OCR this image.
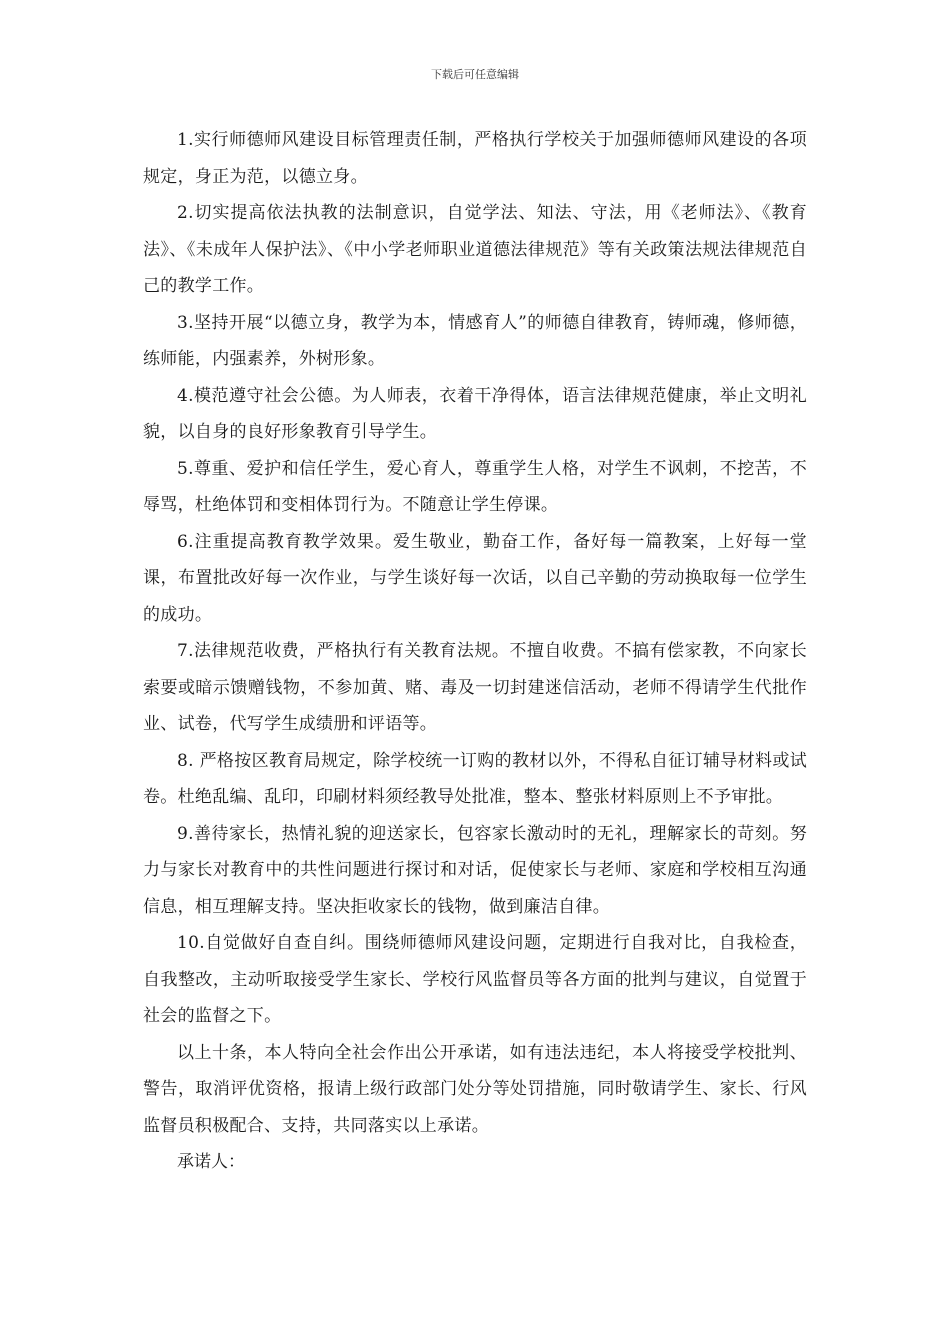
下载后可任意编辑

1.实行师德师风建设目标管理责任制，严格执行学校关于加强师德师风建设的各项规定，身正为范，以德立身。

2.切实提高依法执教的法制意识，自觉学法、知法、守法，用《老师法》、《教育法》、《未成年人保护法》、《中小学老师职业道德法律规范》等有关政策法规法律规范自己的教学工作。

3.坚持开展“以德立身，教学为本，情感育人”的师德自律教育，铸师魂，修师德，练师能，内强素养，外树形象。

4.模范遵守社会公德。为人师表，衣着干净得体，语言法律规范健康，举止文明礼貌，以自身的良好形象教育引导学生。

5.尊重、爱护和信任学生，爱心育人，尊重学生人格，对学生不讽刺，不挖苦，不辱骂，杜绝体罚和变相体罚行为。不随意让学生停课。

6.注重提高教育教学效果。爱生敬业，勤奋工作，备好每一篇教案，上好每一堂课，布置批改好每一次作业，与学生谈好每一次话，以自己辛勤的劳动换取每一位学生的成功。

7.法律规范收费，严格执行有关教育法规。不擅自收费。不搞有偿家教，不向家长索要或暗示馈赠钱物，不参加黄、赌、毒及一切封建迷信活动，老师不得请学生代批作业、试卷，代写学生成绩册和评语等。

8. 严格按区教育局规定，除学校统一订购的教材以外，不得私自征订辅导材料或试卷。杜绝乱编、乱印，印刷材料须经教导处批准，整本、整张材料原则上不予审批。

9.善待家长，热情礼貌的迎送家长，包容家长激动时的无礼，理解家长的苛刻。努力与家长对教育中的共性问题进行探讨和对话，促使家长与老师、家庭和学校相互沟通信息，相互理解支持。坚决拒收家长的钱物，做到廉洁自律。

10.自觉做好自查自纠。围绕师德师风建设问题，定期进行自我对比，自我检查，自我整改，主动听取接受学生家长、学校行风监督员等各方面的批判与建议，自觉置于社会的监督之下。

以上十条，本人特向全社会作出公开承诺，如有违法违纪，本人将接受学校批判、警告，取消评优资格，报请上级行政部门处分等处罚措施，同时敬请学生、家长、行风监督员积极配合、支持，共同落实以上承诺。

承诺人：
